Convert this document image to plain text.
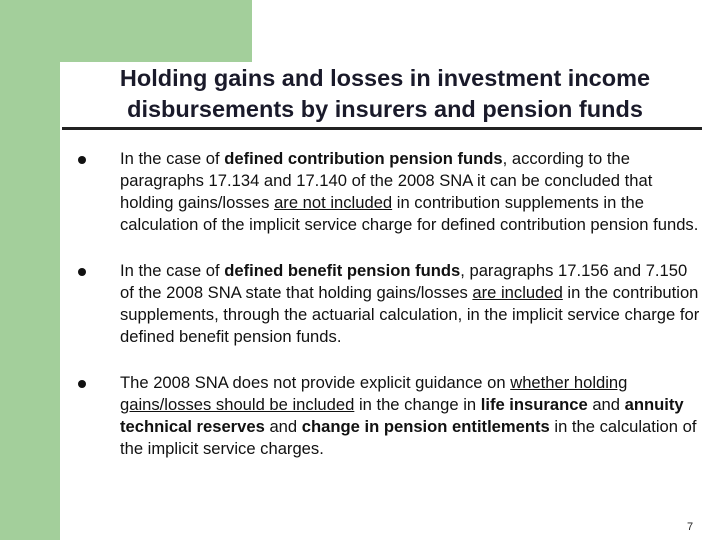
Holding gains and losses in investment income
disbursements by insurers and pension funds
In the case of defined contribution pension funds, according to the paragraphs 17.134 and 17.140 of the 2008 SNA it can be concluded that holding gains/losses are not included in contribution supplements in the calculation of the implicit service charge for defined contribution pension funds.
In the case of defined benefit pension funds, paragraphs 17.156 and 7.150 of the 2008 SNA state that holding gains/losses are included in the contribution supplements, through the actuarial calculation, in the implicit service charge for defined benefit pension funds.
The 2008 SNA does not provide explicit guidance on whether holding gains/losses should be included in the change in life insurance and annuity technical reserves and change in pension entitlements in the calculation of the implicit service charges.
7
